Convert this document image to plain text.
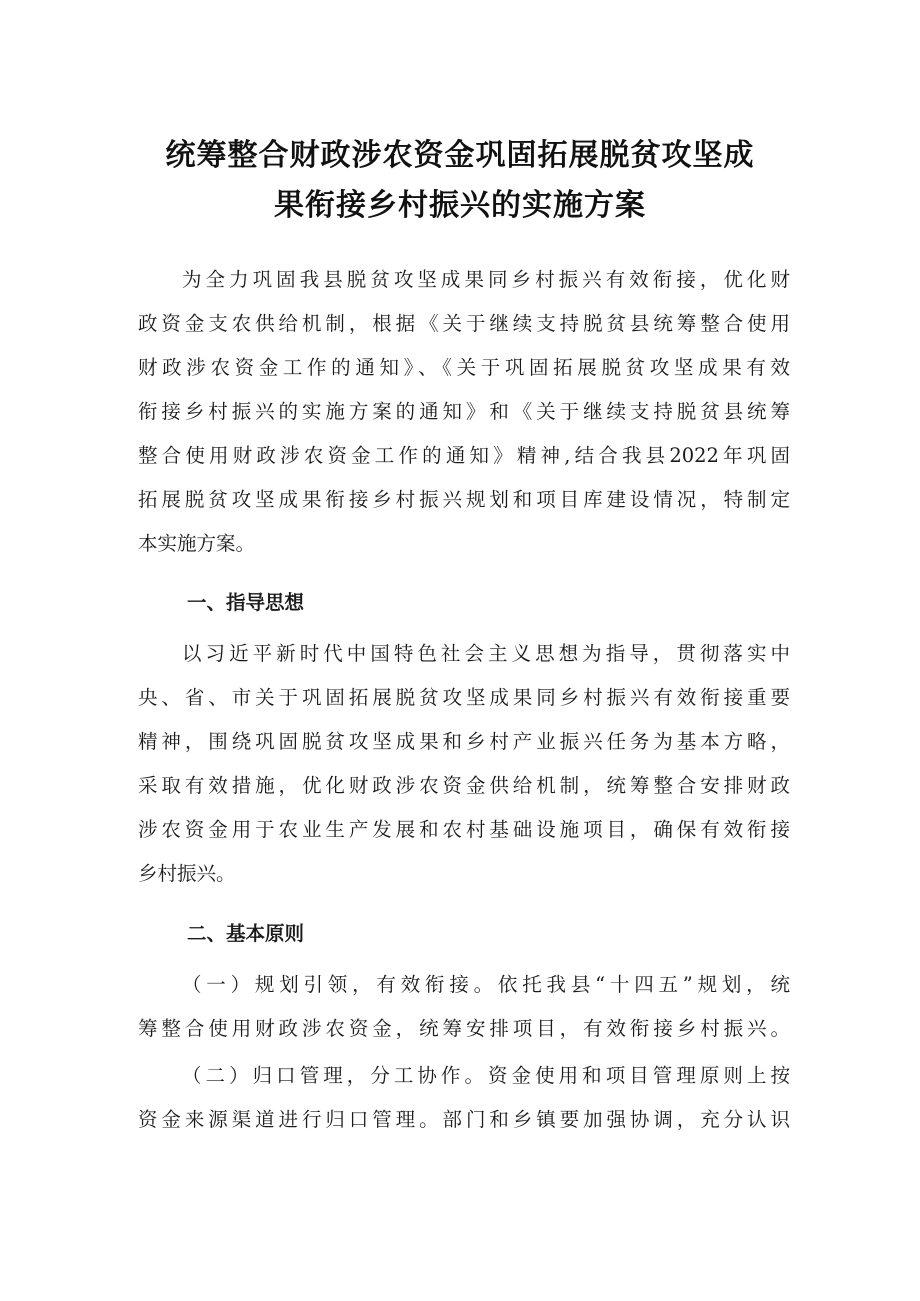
统筹整合财政涉农资金巩固拓展脱贫攻坚成
果衔接乡村振兴的实施方案
为全力巩固我县脱贫攻坚成果同乡村振兴有效衔接，优化财
政资金支农供给机制，根据《关于继续支持脱贫县统筹整合使用
财政涉农资金工作的通知》、《关于巩固拓展脱贫攻坚成果有效
衔接乡村振兴的实施方案的通知》和《关于继续支持脱贫县统筹
整合使用财政涉农资金工作的通知》精神,结合我县2022年巩固
拓展脱贫攻坚成果衔接乡村振兴规划和项目库建设情况，特制定
本实施方案。
一、指导思想
以习近平新时代中国特色社会主义思想为指导，贯彻落实中
央、省、市关于巩固拓展脱贫攻坚成果同乡村振兴有效衔接重要
精神，围绕巩固脱贫攻坚成果和乡村产业振兴任务为基本方略，
采取有效措施，优化财政涉农资金供给机制，统筹整合安排财政
涉农资金用于农业生产发展和农村基础设施项目，确保有效衔接
乡村振兴。
二、基本原则
（一）规划引领，有效衔接。依托我县“十四五”规划，统
筹整合使用财政涉农资金，统筹安排项目，有效衔接乡村振兴。
（二）归口管理，分工协作。资金使用和项目管理原则上按
资金来源渠道进行归口管理。部门和乡镇要加强协调，充分认识
